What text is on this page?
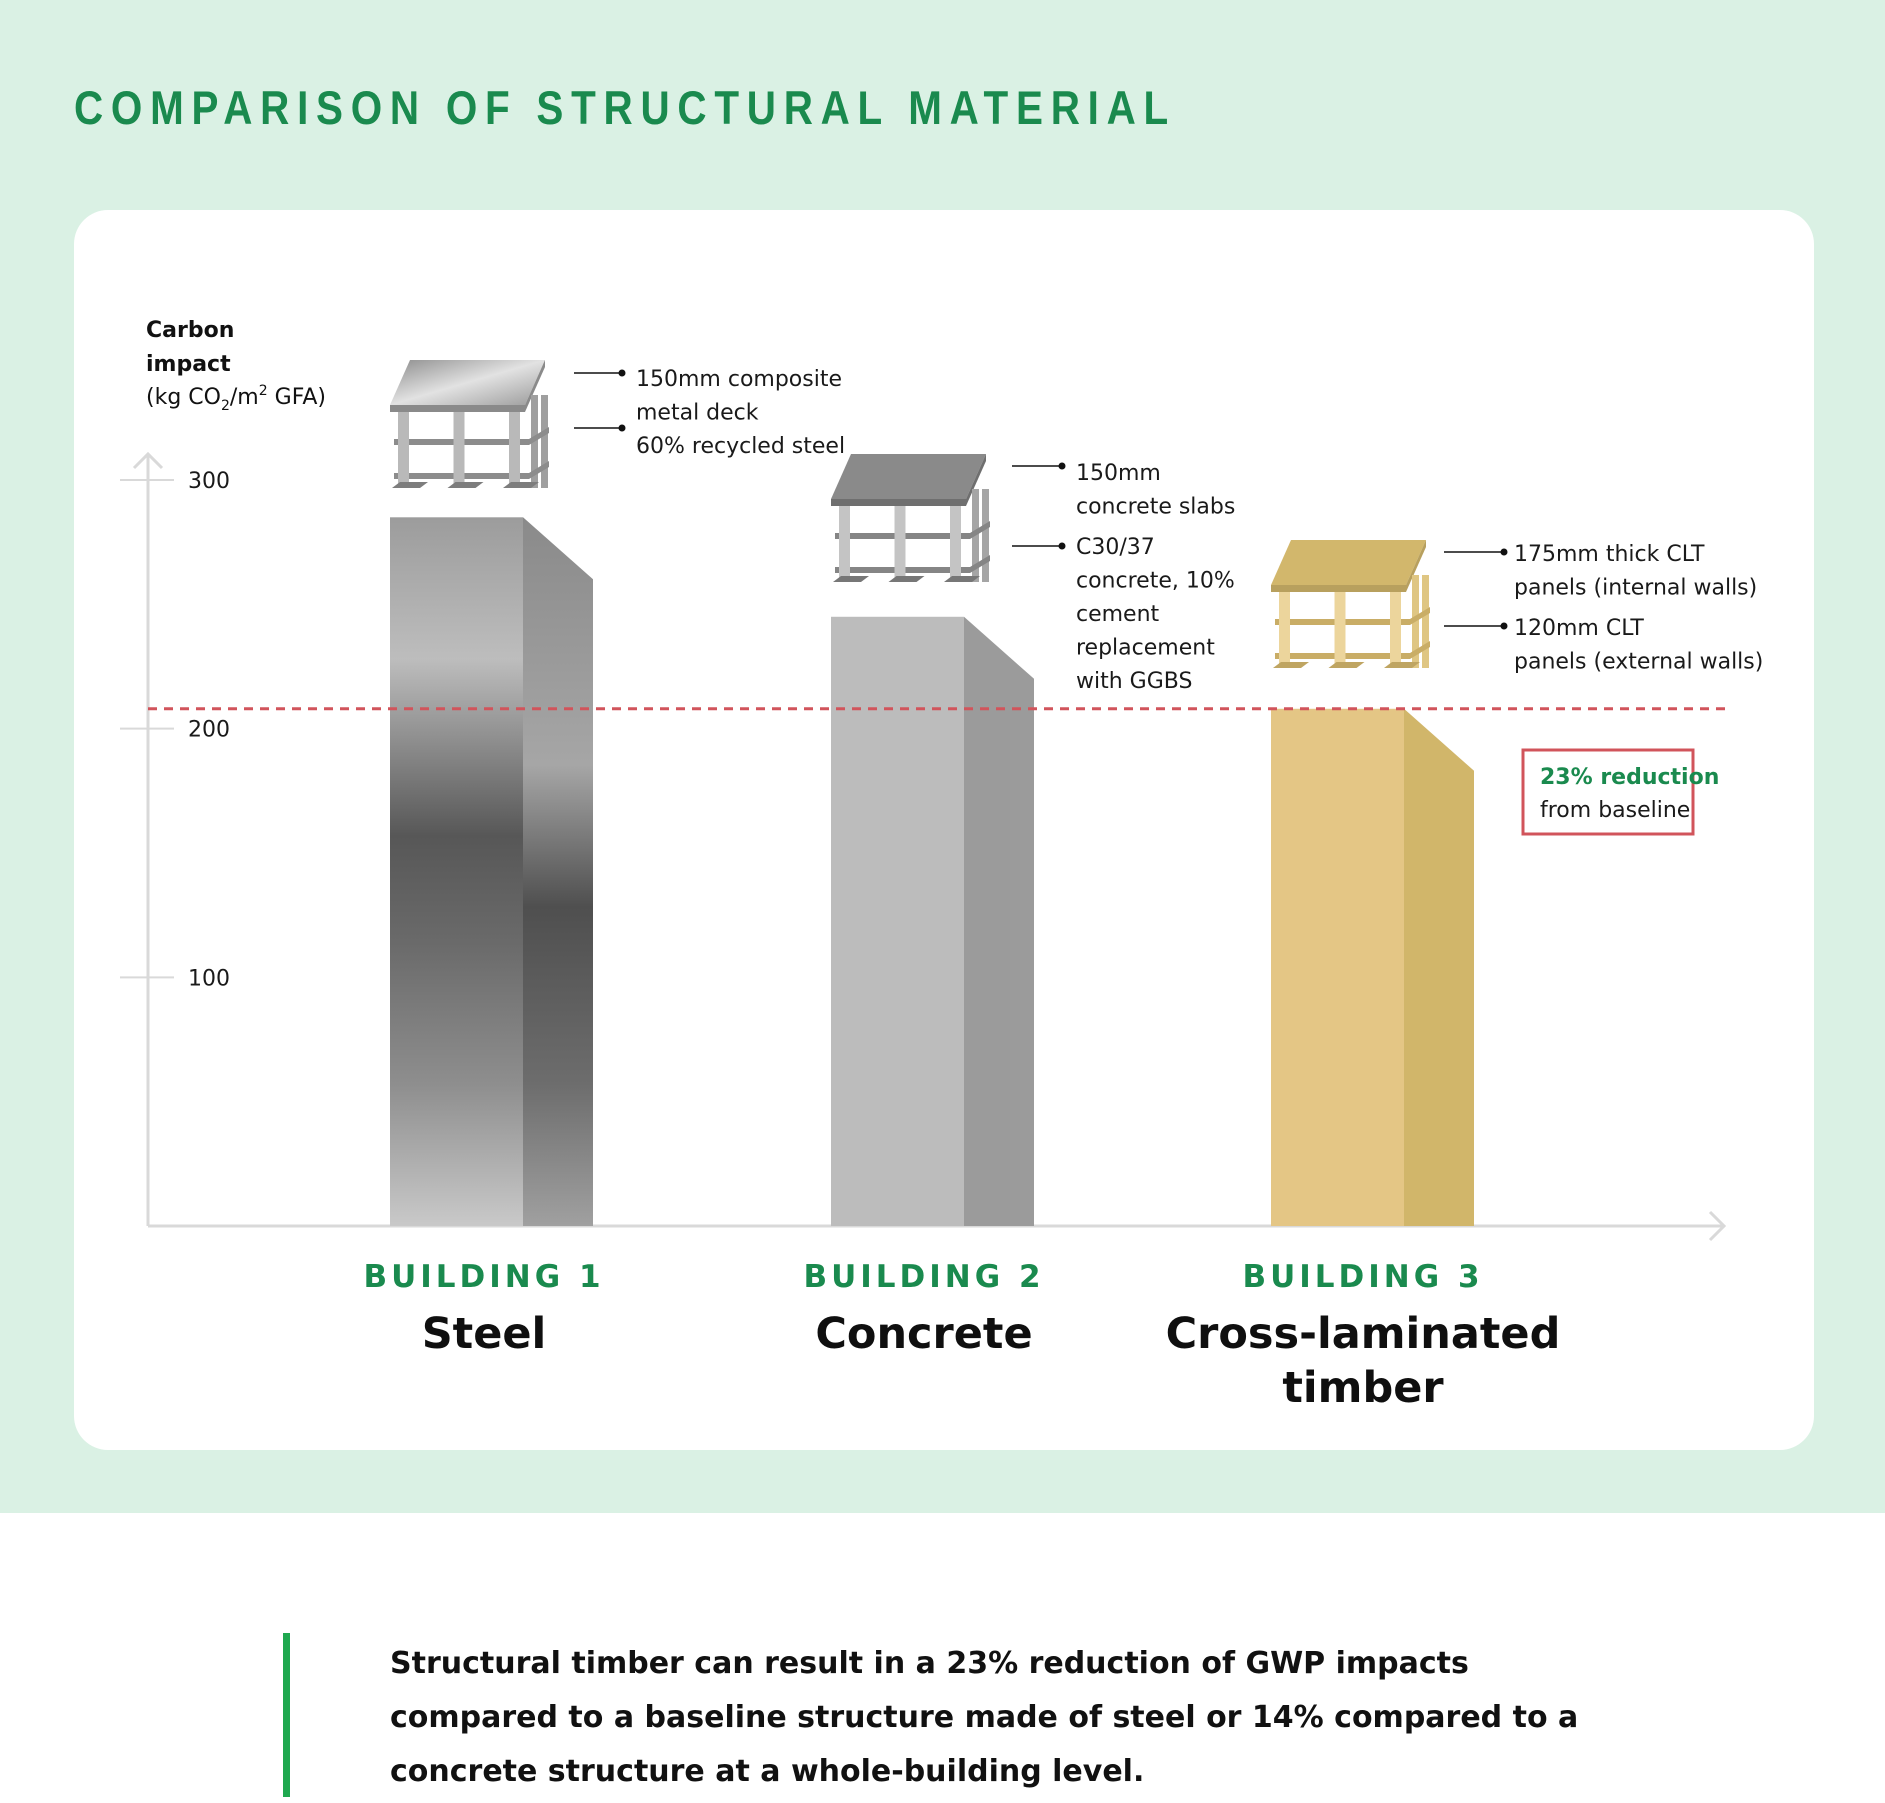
COMPARISON OF STRUCTURAL MATERIAL
Carbon
impact
(kg $CO_2/m^2$ GFA)
100
200
300
150mm composite metal deck
60% recycled steel
150mm concrete slabs
C30/37 concrete, 10% cement replacement with GGBS
175mm thick CLT panels (internal walls)
120mm CLT panels (external walls)
BUILDING 1
Steel
BUILDING 2
Concrete
BUILDING 3
Cross-laminated
timber
23% reduction
from baseline

Structural timber can result in a 23% reduction of GWP impacts compared to a baseline structure made of steel or 14% compared to a concrete structure at a whole-building level.
